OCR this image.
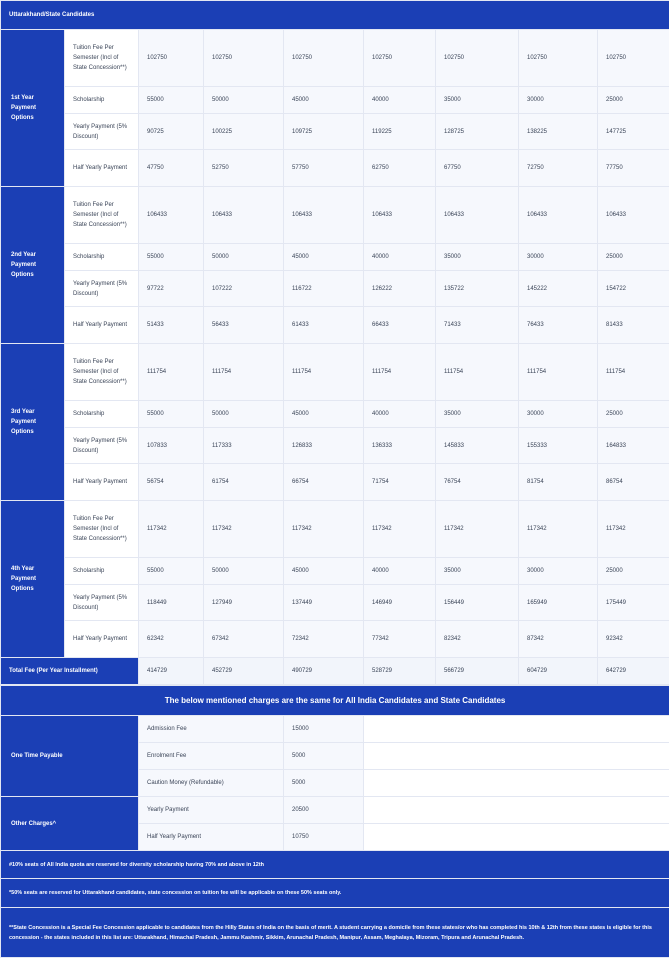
Uttarakhand/State Candidates								
1st Year Payment Options	Tuition Fee Per Semester (Incl of State Concession**)	102750	102750	102750	102750	102750	102750	102750
	Scholarship	55000	50000	45000	40000	35000	30000	25000
	Yearly Payment (5% Discount)	90725	100225	109725	119225	128725	138225	147725
	Half Yearly Payment	47750	52750	57750	62750	67750	72750	77750
2nd Year Payment Options	Tuition Fee Per Semester (Incl of State Concession**)	106433	106433	106433	106433	106433	106433	106433
	Scholarship	55000	50000	45000	40000	35000	30000	25000
	Yearly Payment (5% Discount)	97722	107222	116722	126222	135722	145222	154722
	Half Yearly Payment	51433	56433	61433	66433	71433	76433	81433
3rd Year Payment Options	Tuition Fee Per Semester (Incl of State Concession**)	111754	111754	111754	111754	111754	111754	111754
	Scholarship	55000	50000	45000	40000	35000	30000	25000
	Yearly Payment (5% Discount)	107833	117333	126833	136333	145833	155333	164833
	Half Yearly Payment	56754	61754	66754	71754	76754	81754	86754
4th Year Payment Options	Tuition Fee Per Semester (Incl of State Concession**)	117342	117342	117342	117342	117342	117342	117342
	Scholarship	55000	50000	45000	40000	35000	30000	25000
	Yearly Payment (5% Discount)	118449	127949	137449	146949	156449	165949	175449
	Half Yearly Payment	62342	67342	72342	77342	82342	87342	92342
Total Fee (Per Year Installment)		414729	452729	490729	528729	566729	604729	642729
The below mentioned charges are the same for All India Candidates and State Candidates			
One Time Payable	Admission Fee	15000	
	Enrolment Fee	5000	
	Caution Money (Refundable)	5000	
Other Charges^	Yearly Payment	20500	
	Half Yearly Payment	10750	
#10% seats of All India quota are reserved for diversity scholarship having 70% and above in 12th			
*50% seats are reserved for Uttarakhand candidates, state concession on tuition fee will be applicable on these 50% seats only.			
**State Concession is a Special Fee Concession applicable to candidates from the Hilly States of India on the basis of merit. A student carrying a domicile from these states/or who has completed his 10th & 12th from these states is eligible for this concession - the states included in this list are: Uttarakhand, Himachal Pradesh, Jammu Kashmir, Sikkim, Arunachal Pradesh, Manipur, Assam, Meghalaya, Mizoram, Tripura and Arunachal Pradesh.			
